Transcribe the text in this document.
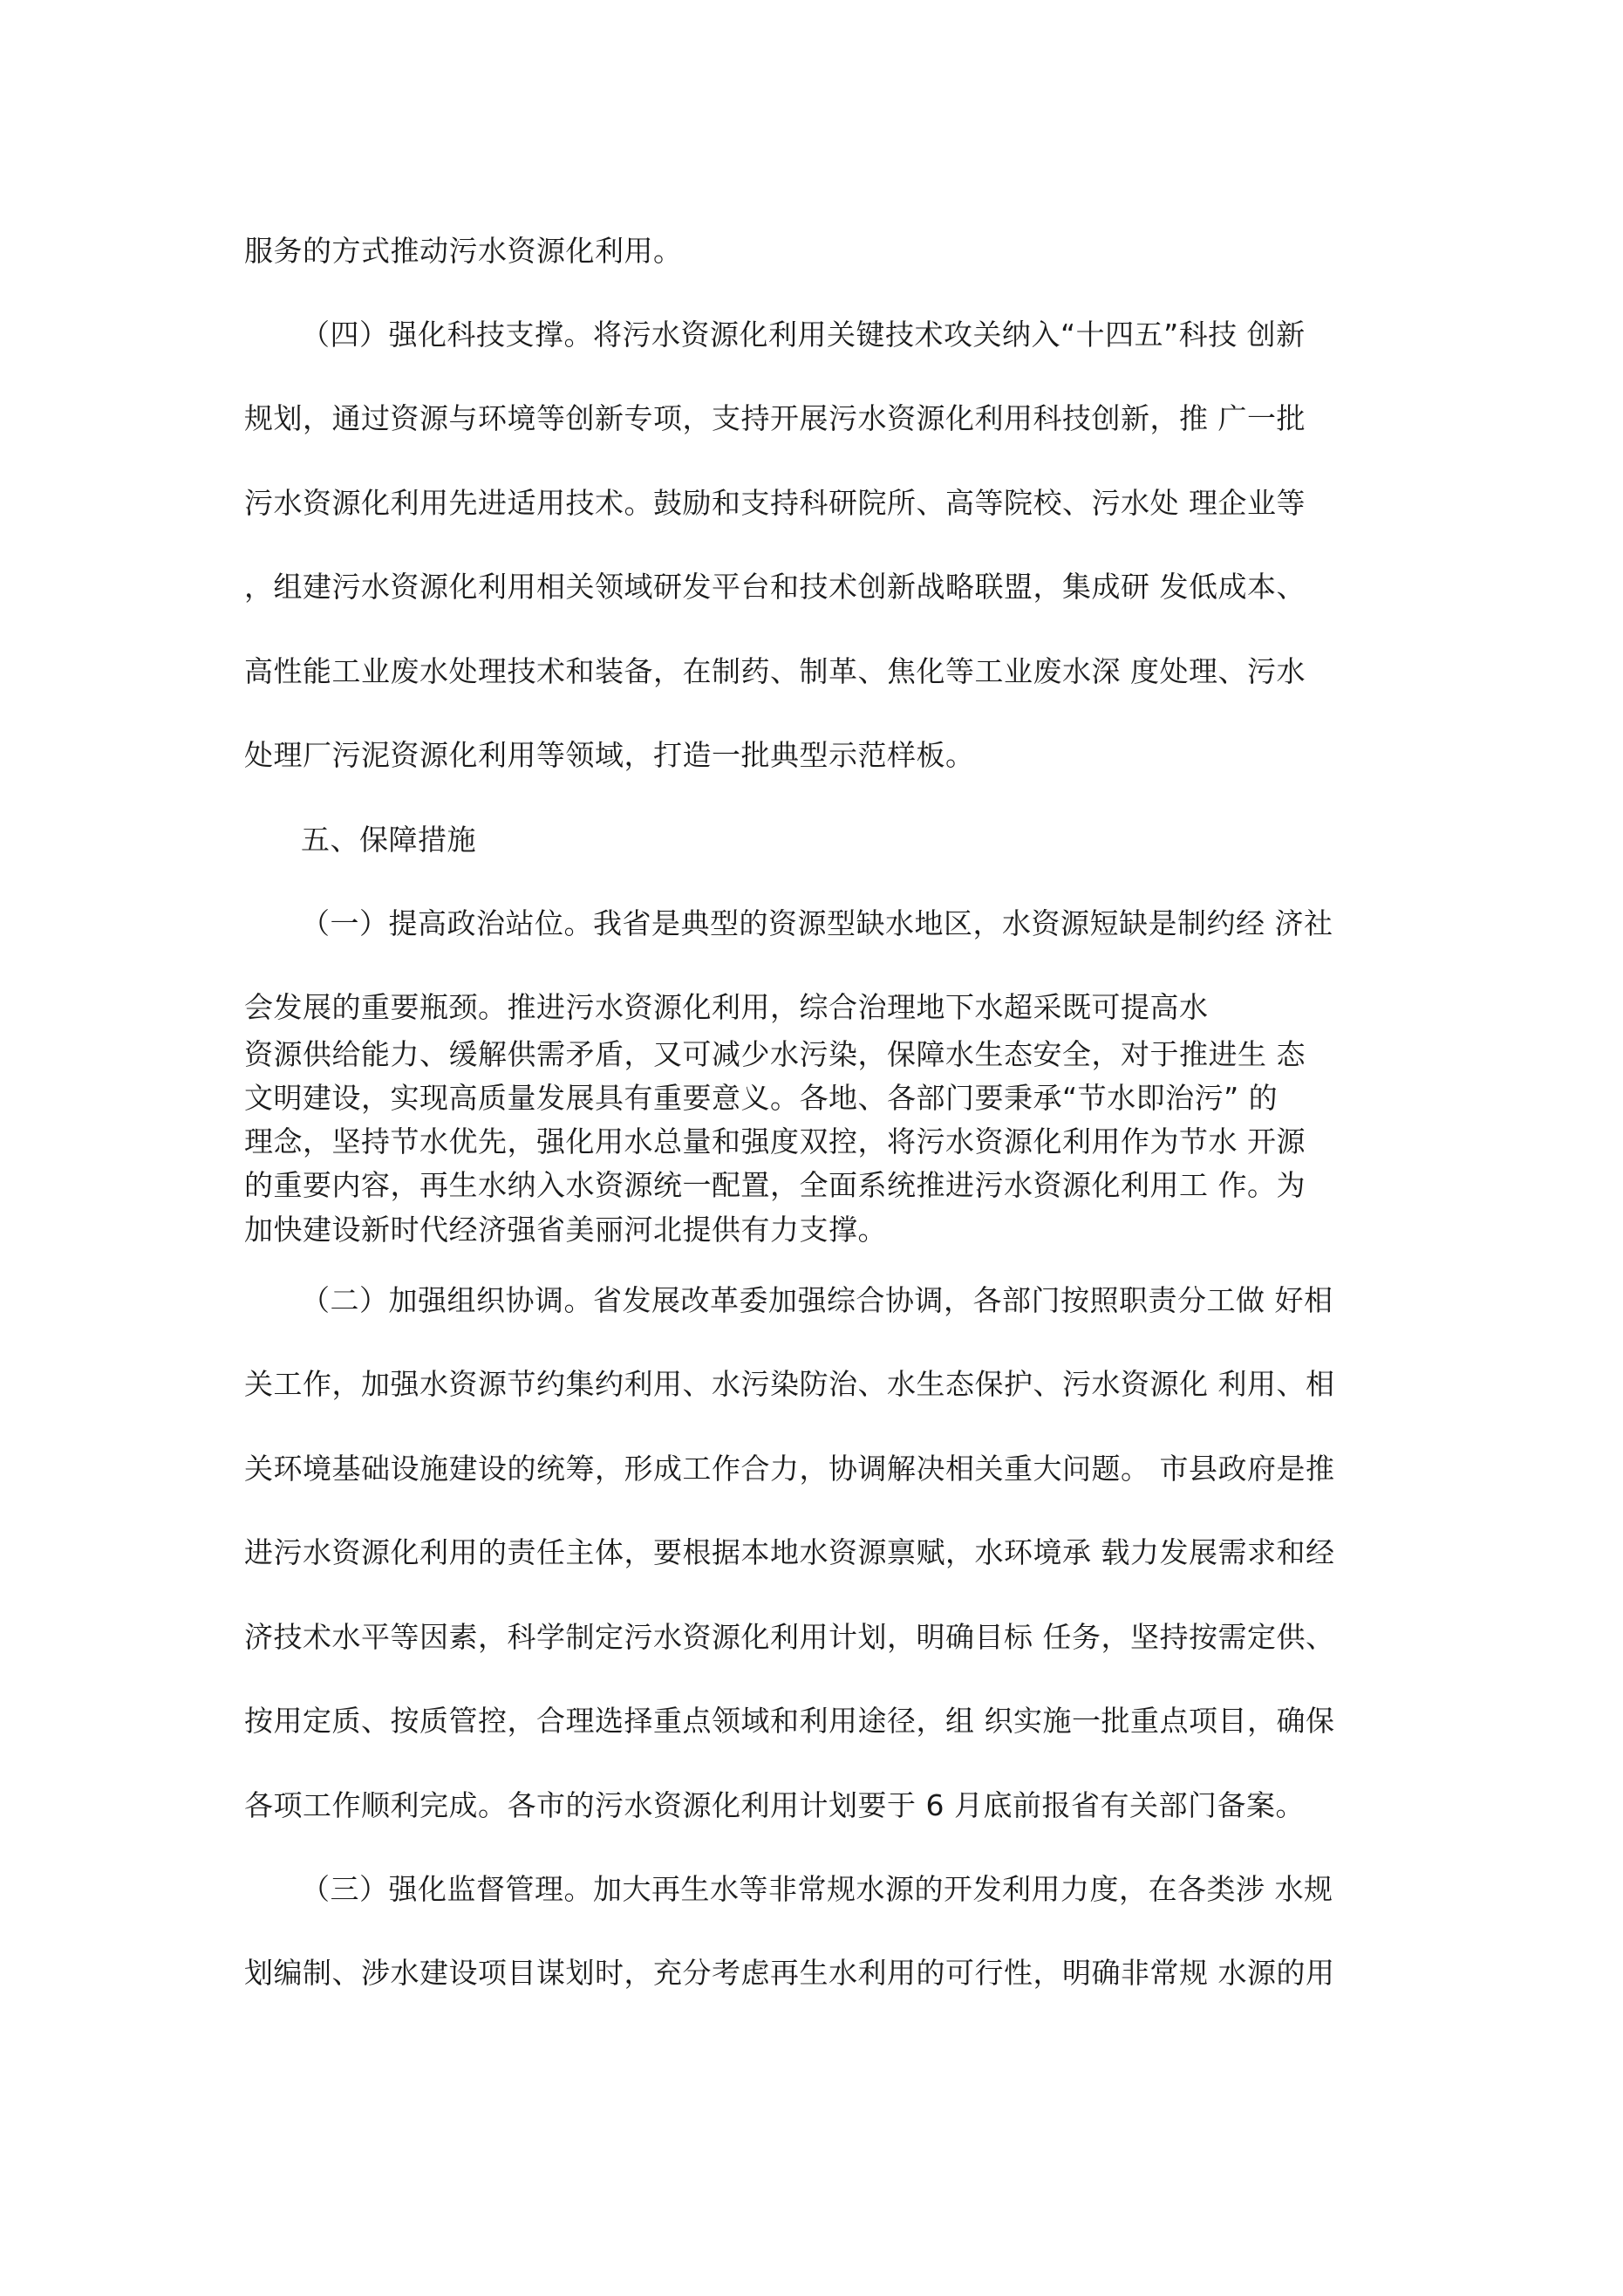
服务的方式推动污水资源化利用。
（四）强化科技支撑。将污水资源化利用关键技术攻关纳入“十四五”科技 创新
规划，通过资源与环境等创新专项，支持开展污水资源化利用科技创新，推 广一批
污水资源化利用先进适用技术。鼓励和支持科研院所、高等院校、污水处 理企业等
，组建污水资源化利用相关领域研发平台和技术创新战略联盟，集成研 发低成本、
高性能工业废水处理技术和装备，在制药、制革、焦化等工业废水深 度处理、污水
处理厂污泥资源化利用等领域，打造一批典型示范样板。
五、保障措施
（一）提高政治站位。我省是典型的资源型缺水地区，水资源短缺是制约经 济社
会发展的重要瓶颈。推进污水资源化利用，综合治理地下水超采既可提高水
资源供给能力、缓解供需矛盾，又可减少水污染，保障水生态安全，对于推进生 态
文明建设，实现高质量发展具有重要意义。各地、各部门要秉承“节水即治污” 的
理念，坚持节水优先，强化用水总量和强度双控，将污水资源化利用作为节水 开源
的重要内容，再生水纳入水资源统一配置，全面系统推进污水资源化利用工 作。为
加快建设新时代经济强省美丽河北提供有力支撑。
（二）加强组织协调。省发展改革委加强综合协调，各部门按照职责分工做 好相
关工作，加强水资源节约集约利用、水污染防治、水生态保护、污水资源化 利用、相
关环境基础设施建设的统筹，形成工作合力，协调解决相关重大问题。 市县政府是推
进污水资源化利用的责任主体，要根据本地水资源禀赋，水环境承 载力发展需求和经
济技术水平等因素，科学制定污水资源化利用计划，明确目标 任务，坚持按需定供、
按用定质、按质管控，合理选择重点领域和利用途径，组 织实施一批重点项目，确保
各项工作顺利完成。各市的污水资源化利用计划要于 6 月底前报省有关部门备案。
（三）强化监督管理。加大再生水等非常规水源的开发利用力度，在各类涉 水规
划编制、涉水建设项目谋划时，充分考虑再生水利用的可行性，明确非常规 水源的用
